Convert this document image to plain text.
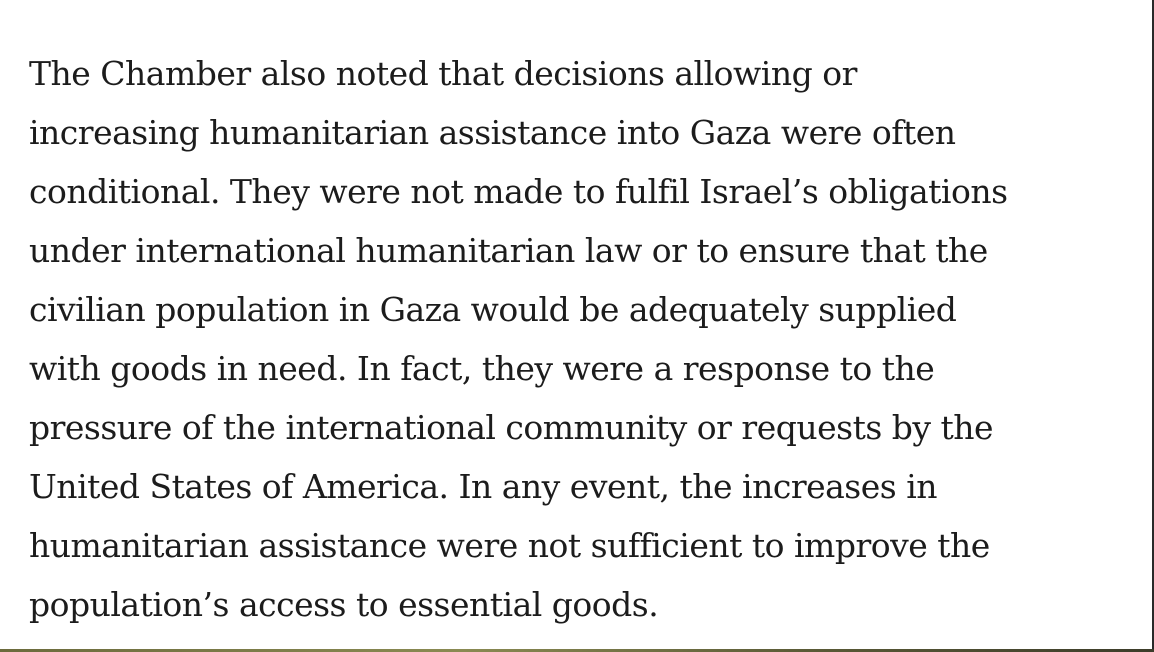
The Chamber also noted that decisions allowing or
increasing humanitarian assistance into Gaza were often
conditional. They were not made to fulfil Israel’s obligations
under international humanitarian law or to ensure that the
civilian population in Gaza would be adequately supplied
with goods in need. In fact, they were a response to the
pressure of the international community or requests by the
United States of America. In any event, the increases in
humanitarian assistance were not sufficient to improve the
population’s access to essential goods.
